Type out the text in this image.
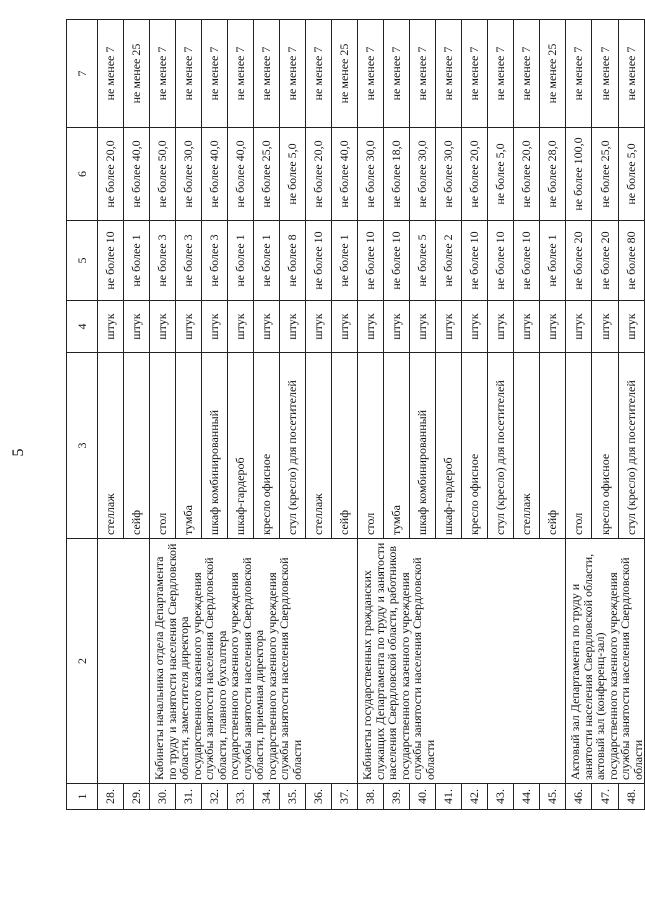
5
1	2	3	4	5	6	7
28.		стеллаж	штук	не более 10	не более 20,0	не менее 7
29.		сейф	штук	не более 1	не более 40,0	не менее 25
30.	Кабинеты начальника отдела Департамента по труду и занятости населения Свердловской области, заместителя директора государственного казенного учреждения службы занятости населения Свердловской области, главного бухгалтера государственного казенного учреждения службы занятости населения Свердловской области, приемная директора государственного казенного учреждения службы занятости населения Свердловской области	стол	штук	не более 3	не более 50,0	не менее 7
31.		тумба	штук	не более 3	не более 30,0	не менее 7
32.		шкаф комбинированный	штук	не более 3	не более 40,0	не менее 7
33.		шкаф-гардероб	штук	не более 1	не более 40,0	не менее 7
34.		кресло офисное	штук	не более 1	не более 25,0	не менее 7
35.		стул (кресло) для посетителей	штук	не более 8	не более 5,0	не менее 7
36.		стеллаж	штук	не более 10	не более 20,0	не менее 7
37.		сейф	штук	не более 1	не более 40,0	не менее 25
38.	Кабинеты государственных гражданских служащих Департамента по труду и занятости населения Свердловской области, работников государственного казенного учреждения службы занятости населения Свердловской области	стол	штук	не более 10	не более 30,0	не менее 7
39.		тумба	штук	не более 10	не более 18,0	не менее 7
40.		шкаф комбинированный	штук	не более 5	не более 30,0	не менее 7
41.		шкаф-гардероб	штук	не более 2	не более 30,0	не менее 7
42.		кресло офисное	штук	не более 10	не более 20,0	не менее 7
43.		стул (кресло) для посетителей	штук	не более 10	не более 5,0	не менее 7
44.		стеллаж	штук	не более 10	не более 20,0	не менее 7
45.		сейф	штук	не более 1	не более 28,0	не менее 25
46.	Актовый зал Департамента по труду и занятости населения Свердловской области, актовый зал (конференц-зал) государственного казенного учреждения службы занятости населения Свердловской области	стол	штук	не более 20	не более 100,0	не менее 7
47.		кресло офисное	штук	не более 20	не более 25,0	не менее 7
48.		стул (кресло) для посетителей	штук	не более 80	не более 5,0	не менее 7
